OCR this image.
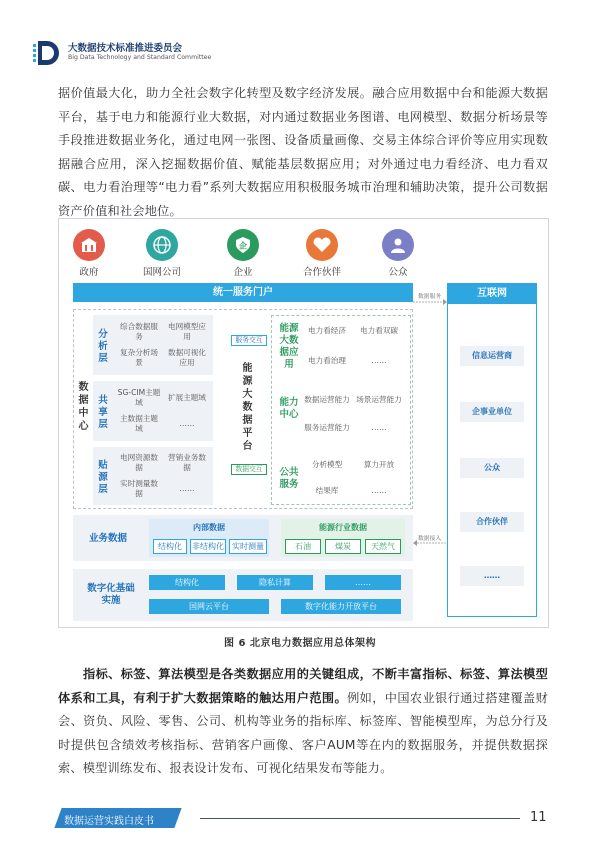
大数据技术标准推进委员会
Big Data Technology and Standard Committee
据价值最大化，助力全社会数字化转型及数字经济发展。融合应用数据中台和能源大数据平台，基于电力和能源行业大数据，对内通过数据业务图谱、电网模型、数据分析场景等手段推进数据业务化，通过电网一张图、设备质量画像、交易主体综合评价等应用实现数据融合应用，深入挖掘数据价值、赋能基层数据应用；对外通过电力看经济、电力看双碳、电力看治理等“电力看”系列大数据应用积极服务城市治理和辅助决策，提升公司数据资产价值和社会地位。
政府	国网公司
企
企业	合作伙伴	公众
统一服务门户	数据服务
数据中心
分析层
综合数据服务
电网模型应用
复杂分析场景
数据可视化应用
共享层
SG-CIM主题域
扩展主题域
主数据主题域
……
贴源层
电网资源数据
营销业务数据
实时测量数据
……
服务交互
能源大数据平台
数据交互
能源大数据应用
电力看经济	电力看双碳
电力看治理	……
能力中心
数据运营能力 场景运营能力
服务运营能力	……
公共服务
分析模型	算力开放
结果库	……
业务数据
内部数据
结构化	非结构化	实时测量
能源行业数据
石油	煤炭	天然气
数据接入
数字化基础实施
结构化	隐私计算	……
国网云平台	数字化能力开放平台
互联网
信息运营商
企事业单位
公众
合作伙伴
……
图 6 北京电力数据应用总体架构
指标、标签、算法模型是各类数据应用的关键组成，不断丰富指标、标签、算法模型体系和工具，有利于扩大数据策略的触达用户范围。例如，中国农业银行通过搭建覆盖财会、资负、风险、零售、公司、机构等业务的指标库、标签库、智能模型库，为总分行及时提供包含绩效考核指标、营销客户画像、客户AUM等在内的数据服务，并提供数据探索、模型训练发布、报表设计发布、可视化结果发布等能力。
数据运营实践白皮书	11
